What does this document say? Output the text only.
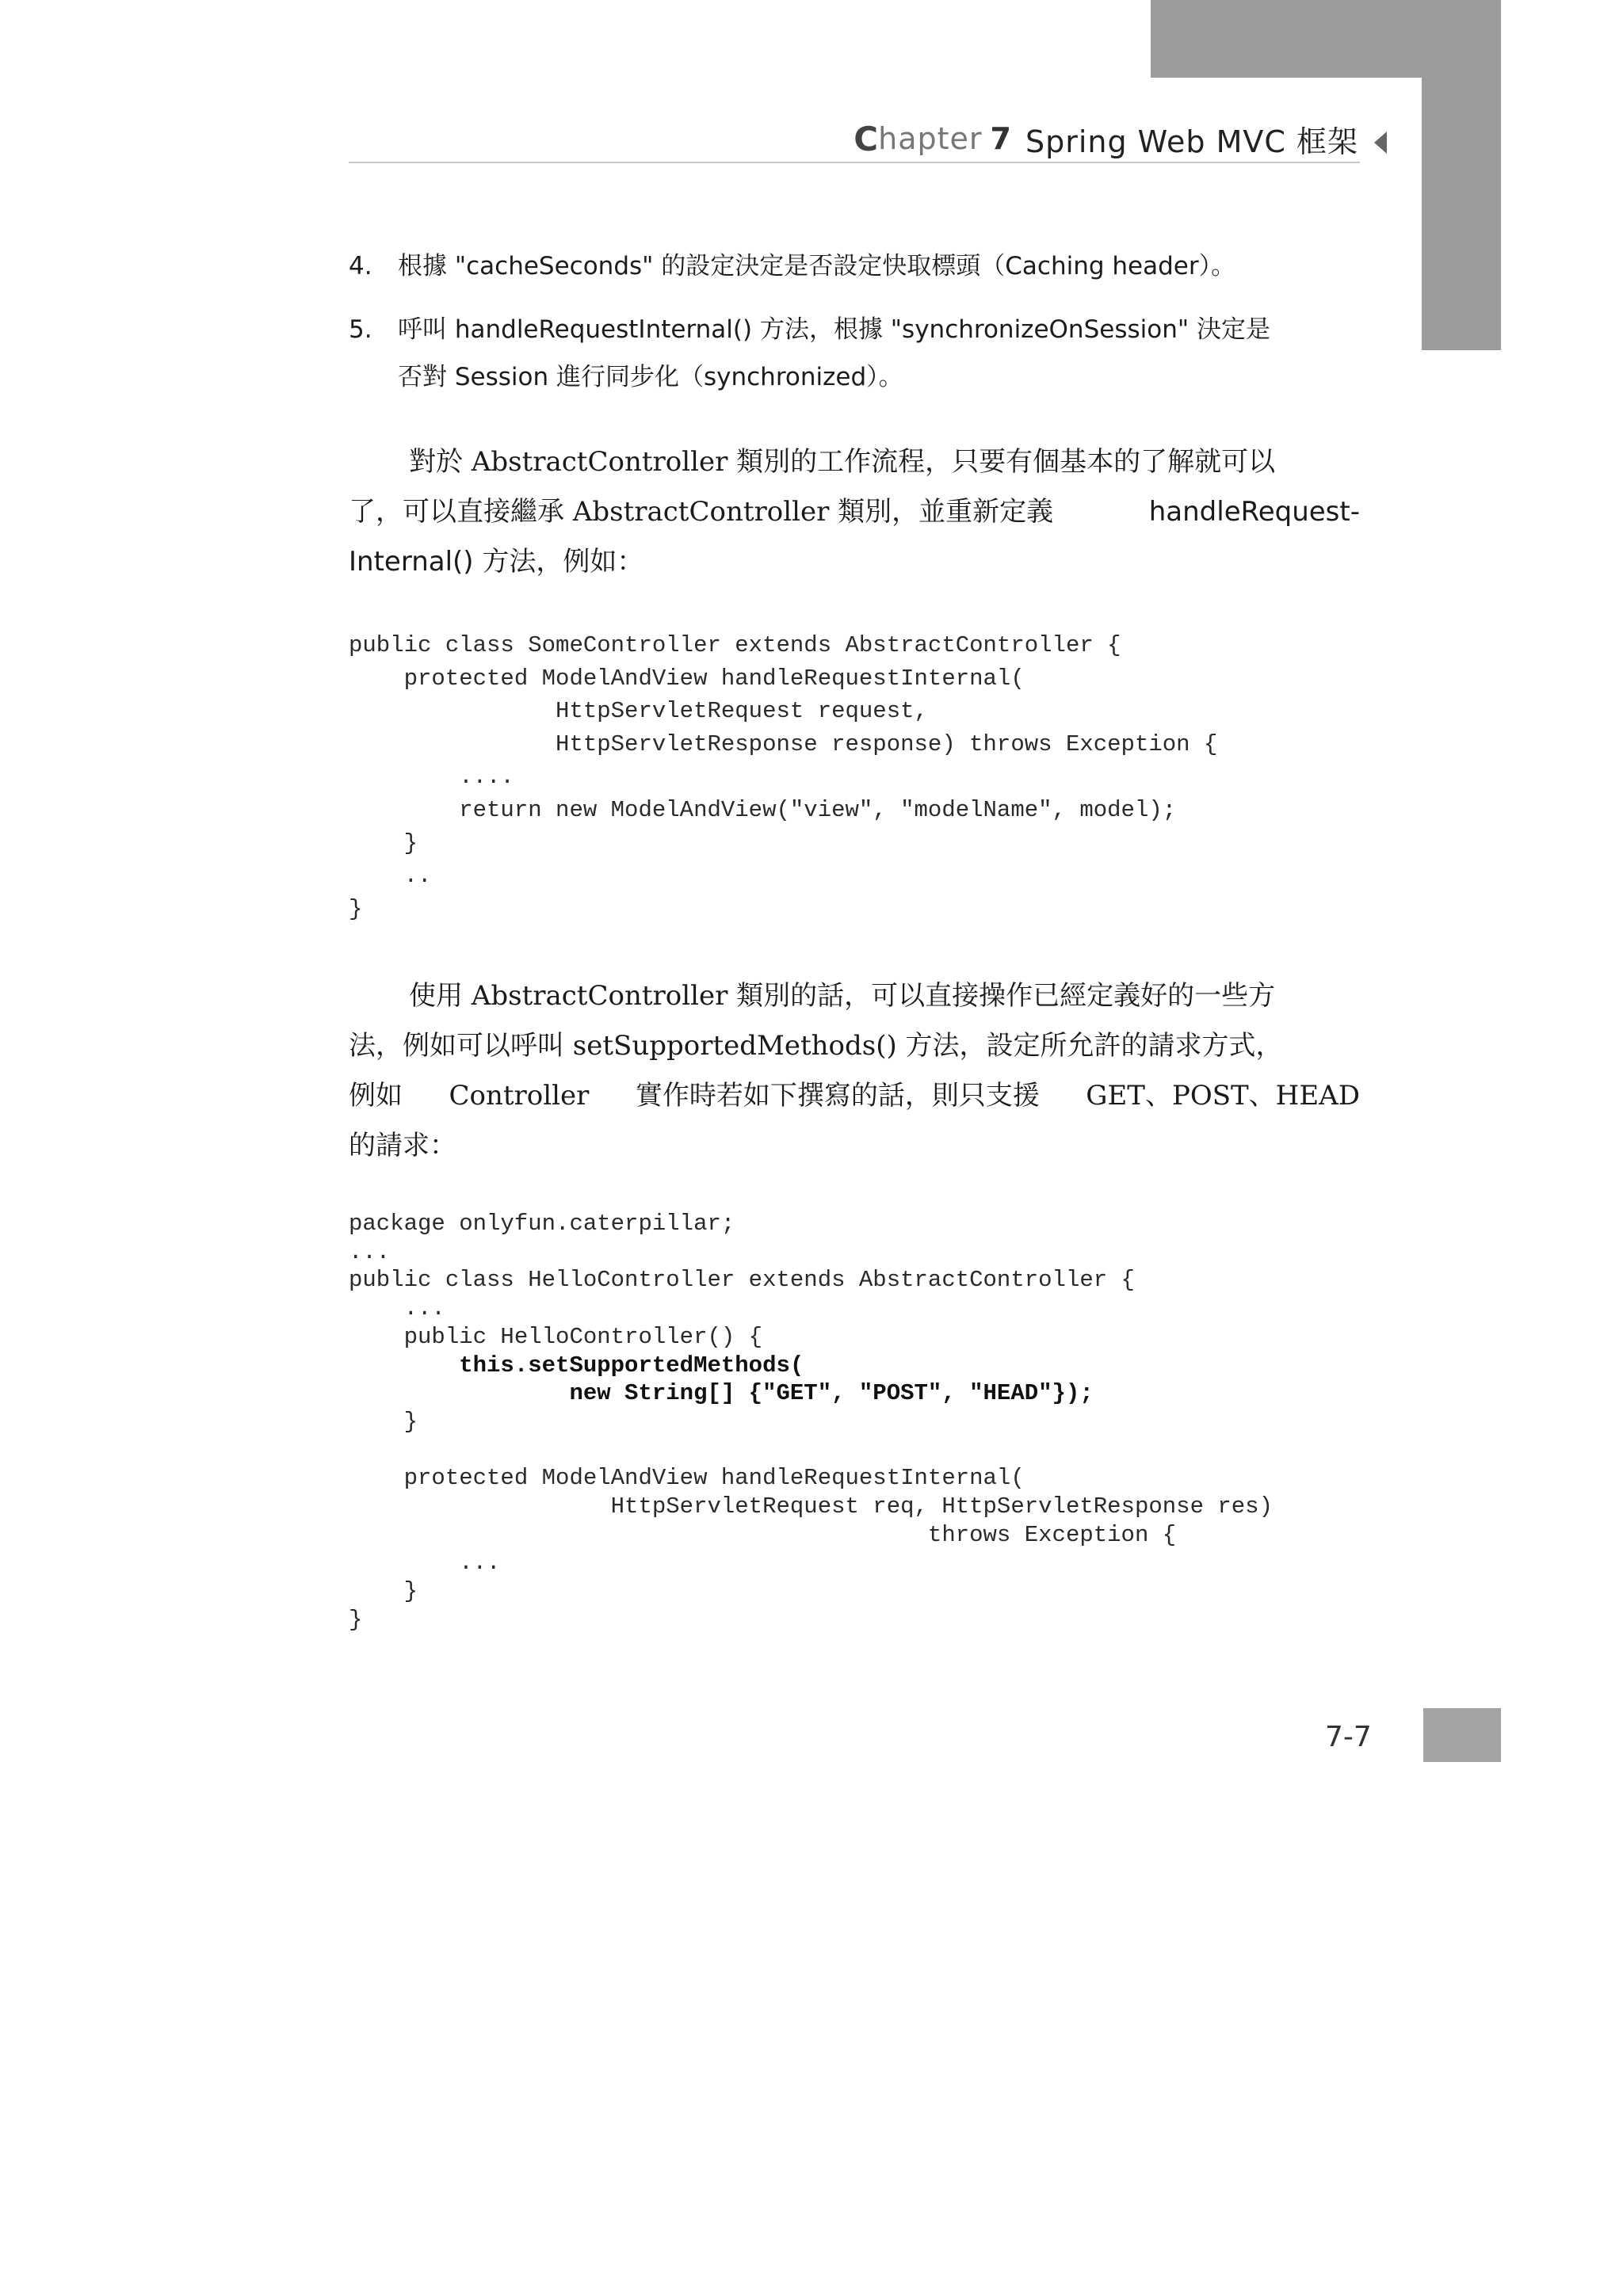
C hapter 7 Spring Web MVC 框架
4. 根據 "cacheSeconds" 的設定決定是否設定快取標頭（Caching header）。
5. 呼叫 handleRequestInternal() 方法，根據 "synchronizeOnSession" 決定是
否對 Session 進行同步化（synchronized）。
對於 AbstractController 類別的工作流程，只要有個基本的了解就可以
了，可以直接繼承 AbstractController 類別，並重新定義	handleRequest-
Internal() 方法，例如：
public class SomeController extends AbstractController {
protected ModelAndView handleRequestInternal(
HttpServletRequest request,
HttpServletResponse response) throws Exception {
....
return new ModelAndView("view", "modelName", model);
}
..
}
使用 AbstractController 類別的話，可以直接操作已經定義好的一些方
法，例如可以呼叫 setSupportedMethods() 方法，設定所允許的請求方式，
例如 Controller 實作時若如下撰寫的話，則只支援 GET、POST、HEAD
的請求：
package onlyfun.caterpillar;
...
public class HelloController extends AbstractController {
...
public HelloController() {
this.setSupportedMethods(
new String[] {"GET", "POST", "HEAD"});
}

protected ModelAndView handleRequestInternal(
HttpServletRequest req, HttpServletResponse res)
throws Exception {
...
}
}
7-7
